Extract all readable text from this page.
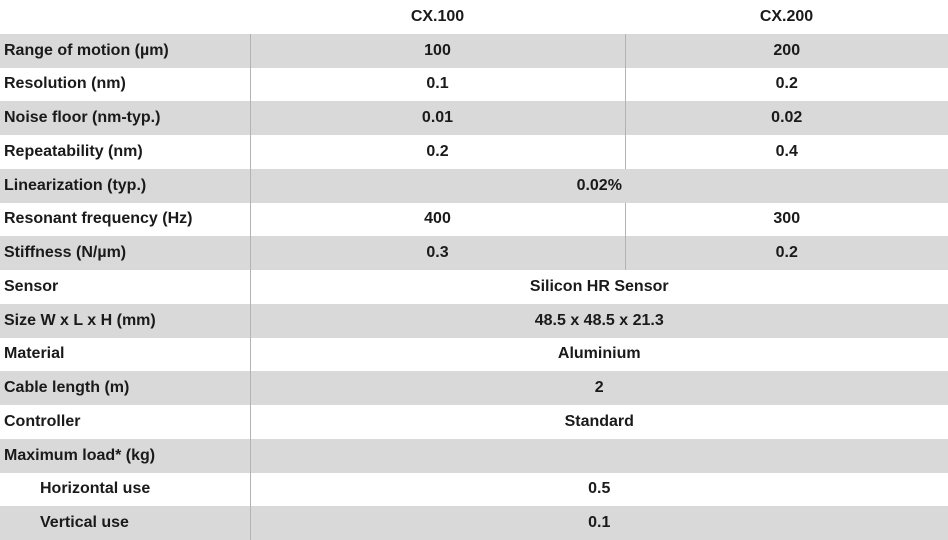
	CX.100	CX.200
Range of motion (µm)	100	200
Resolution (nm)	0.1	0.2
Noise floor (nm-typ.)	0.01	0.02
Repeatability (nm)	0.2	0.4
Linearization (typ.)	0.02%	
Resonant frequency (Hz)	400	300
Stiffness (N/µm)	0.3	0.2
Sensor	Silicon HR Sensor	
Size W x L x H (mm)	48.5 x 48.5 x 21.3	
Material	Aluminium	
Cable length (m)	2	
Controller	Standard	
Maximum load* (kg)		
Horizontal use	0.5	
Vertical use	0.1	
